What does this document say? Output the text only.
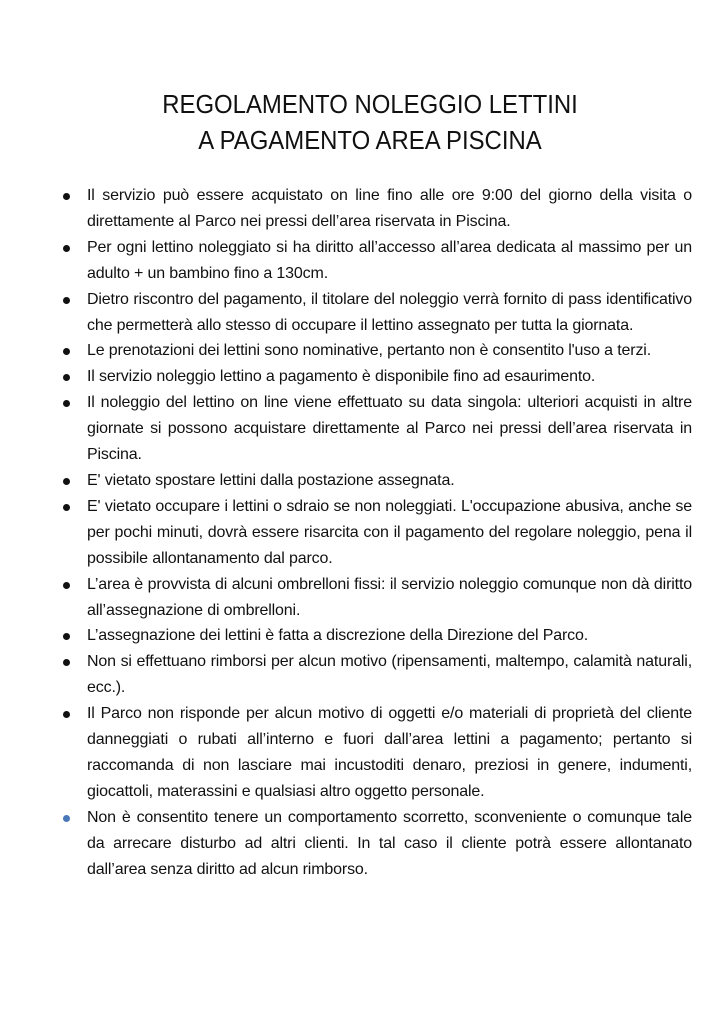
REGOLAMENTO NOLEGGIO LETTINI
A PAGAMENTO AREA PISCINA
Il servizio può essere acquistato on line fino alle ore 9:00 del giorno della visita o direttamente al Parco nei pressi dell’area riservata in Piscina.
Per ogni lettino noleggiato si ha diritto all’accesso all’area dedicata al massimo per un adulto + un bambino fino a 130cm.
Dietro riscontro del pagamento, il titolare del noleggio verrà fornito di pass identificativo che permetterà allo stesso di occupare il lettino assegnato per tutta la giornata.
Le prenotazioni dei lettini sono nominative, pertanto non è consentito l'uso a terzi.
Il servizio noleggio lettino a pagamento è disponibile fino ad esaurimento.
Il noleggio del lettino on line viene effettuato su data singola: ulteriori acquisti in altre giornate si possono acquistare direttamente al Parco nei pressi dell’area riservata in Piscina.
E' vietato spostare lettini dalla postazione assegnata.
E' vietato occupare i lettini o sdraio se non noleggiati. L'occupazione abusiva, anche se per pochi minuti, dovrà essere risarcita con il pagamento del regolare noleggio, pena il possibile allontanamento dal parco.
L’area è provvista di alcuni ombrelloni fissi: il servizio noleggio comunque non dà diritto all’assegnazione di ombrelloni.
L’assegnazione dei lettini è fatta a discrezione della Direzione del Parco.
Non si effettuano rimborsi per alcun motivo (ripensamenti, maltempo, calamità naturali, ecc.).
Il Parco non risponde per alcun motivo di oggetti e/o materiali di proprietà del cliente danneggiati o rubati all’interno e fuori dall’area lettini a pagamento; pertanto si raccomanda di non lasciare mai incustoditi denaro, preziosi in genere, indumenti, giocattoli, materassini e qualsiasi altro oggetto personale.
Non è consentito tenere un comportamento scorretto, sconveniente o comunque tale da arrecare disturbo ad altri clienti. In tal caso il cliente potrà essere allontanato dall’area senza diritto ad alcun rimborso.
